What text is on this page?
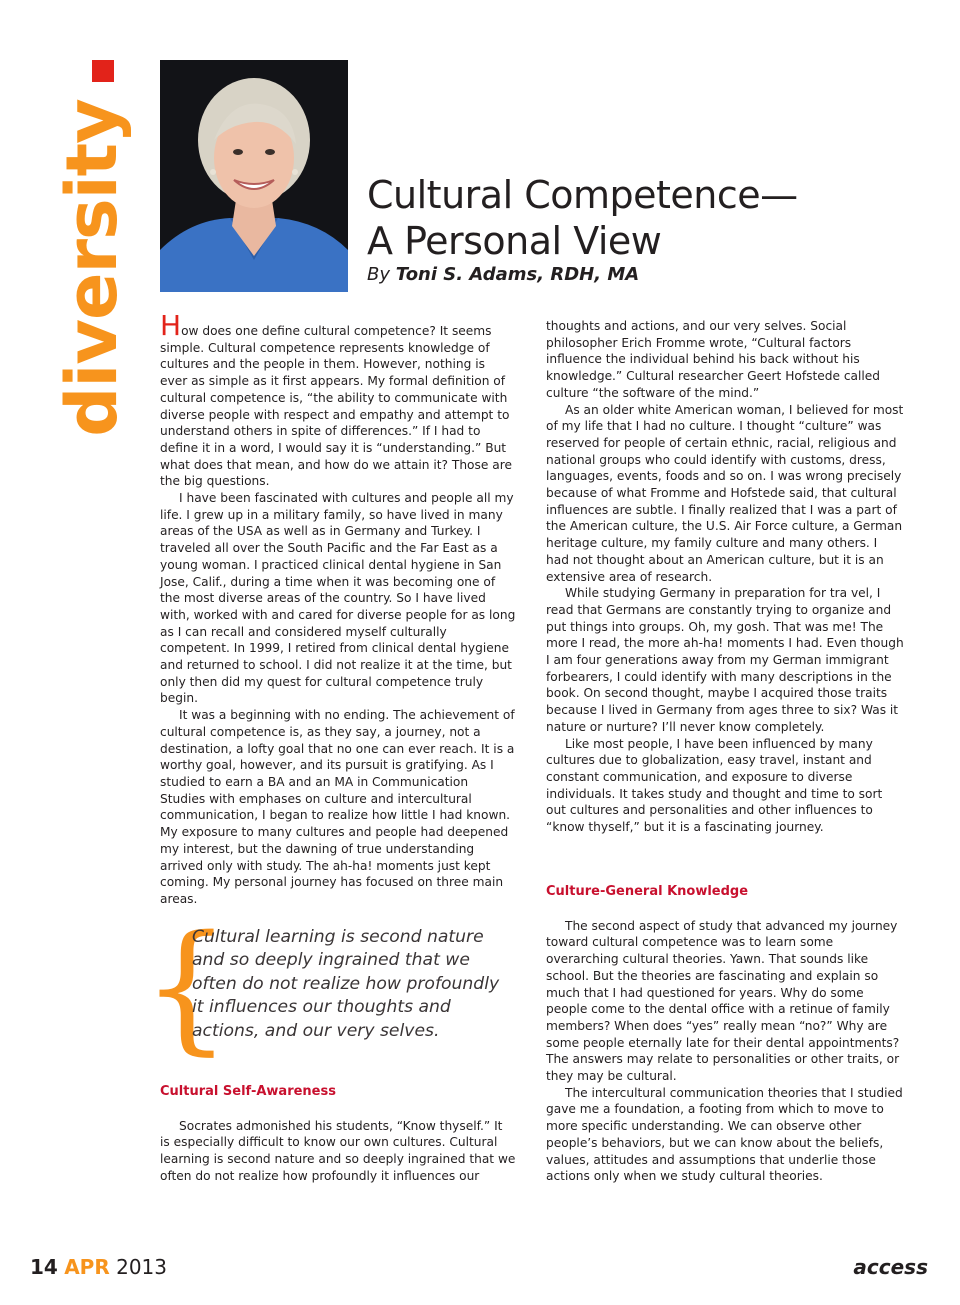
diversity	Cultural Competence—
A Personal View
By Toni S. Adams, RDH, MA

How does one define cultural competence? It seems simple. Cultural competence represents knowledge of cultures and the people in them. However, nothing is ever as simple as it first appears. My formal definition of cultural competence is, “the ability to communicate with diverse people with respect and empathy and attempt to understand others in spite of differences.” If I had to define it in a word, I would say it is “understanding.” But what does that mean, and how do we attain it? Those are the big questions.

I have been fascinated with cultures and people all my life. I grew up in a military family, so have lived in many areas of the USA as well as in Germany and Turkey. I traveled all over the South Pacific and the Far East as a young woman. I practiced clinical dental hygiene in San Jose, Calif., during a time when it was becoming one of the most diverse areas of the country. So I have lived with, worked with and cared for diverse people for as long as I can recall and considered myself culturally competent. In 1999, I retired from clinical dental hygiene and returned to school. I did not realize it at the time, but only then did my quest for cultural competence truly begin.

It was a beginning with no ending. The achievement of cultural competence is, as they say, a journey, not a destination, a lofty goal that no one can ever reach. It is a worthy goal, however, and its pursuit is gratifying. As I studied to earn a BA and an MA in Communication Studies with emphases on culture and intercultural communication, I began to realize how little I had known. My exposure to many cultures and people had deepened my interest, but the dawning of true understanding arrived only with study. The ah-ha! moments just kept coming. My personal journey has focused on three main areas.

{
Cultural learning is second nature and so deeply ingrained that we often do not realize how profoundly it influences our thoughts and actions, and our very selves.

Cultural Self-Awareness

Socrates admonished his students, “Know thyself.” It is especially difficult to know our own cultures. Cultural learning is second nature and so deeply ingrained that we often do not realize how profoundly it influences our

thoughts and actions, and our very selves. Social philosopher Erich Fromme wrote, “Cultural factors influence the individual behind his back without his knowledge.” Cultural researcher Geert Hofstede called culture “the software of the mind.”

As an older white American woman, I believed for most of my life that I had no culture. I thought “culture” was reserved for people of certain ethnic, racial, religious and national groups who could identify with customs, dress, languages, events, foods and so on. I was wrong precisely because of what Fromme and Hofstede said, that cultural influences are subtle. I finally realized that I was a part of the American culture, the U.S. Air Force culture, a German heritage culture, my family culture and many others. I had not thought about an American culture, but it is an extensive area of research.

While studying Germany in preparation for tra vel, I read that Germans are constantly trying to organize and put things into groups. Oh, my gosh. That was me! The more I read, the more ah-ha! moments I had. Even though I am four generations away from my German immigrant forbearers, I could identify with many descriptions in the book. On second thought, maybe I acquired those traits because I lived in Germany from ages three to six? Was it nature or nurture? I’ll never know completely.

Like most people, I have been influenced by many cultures due to globalization, easy travel, instant and constant communication, and exposure to diverse individuals. It takes study and thought and time to sort out cultures and personalities and other influences to “know thyself,” but it is a fascinating journey.

Culture-General Knowledge

The second aspect of study that advanced my journey toward cultural competence was to learn some overarching cultural theories. Yawn. That sounds like school. But the theories are fascinating and explain so much that I had questioned for years. Why do some people come to the dental office with a retinue of family members? When does “yes” really mean “no?” Why are some people eternally late for their dental appointments? The answers may relate to personalities or other traits, or they may be cultural.

The intercultural communication theories that I studied gave me a foundation, a footing from which to move to more specific understanding. We can observe other people’s behaviors, but we can know about the beliefs, values, attitudes and assumptions that underlie those actions only when we study cultural theories.

14 APR 2013	access
